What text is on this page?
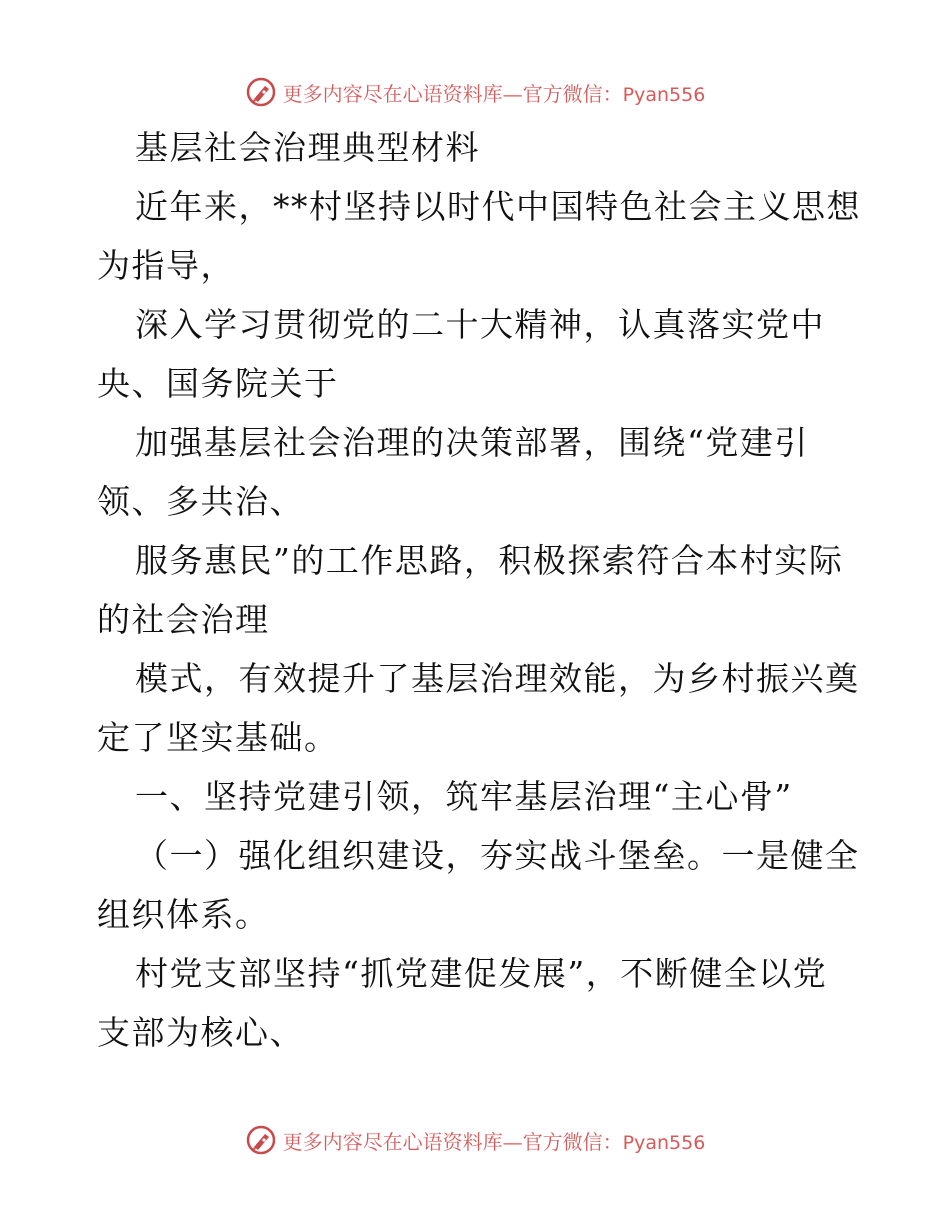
更多内容尽在心语资料库—官方微信：Pyan556
基层社会治理典型材料
近年来，**村坚持以时代中国特色社会主义思想
为指导，
深入学习贯彻党的二十大精神，认真落实党中
央、国务院关于
加强基层社会治理的决策部署，围绕“党建引
领、多共治、
服务惠民”的工作思路，积极探索符合本村实际
的社会治理
模式，有效提升了基层治理效能，为乡村振兴奠
定了坚实基础。
一、坚持党建引领，筑牢基层治理“主心骨”
（一）强化组织建设，夯实战斗堡垒。一是健全
组织体系。
村党支部坚持“抓党建促发展”，不断健全以党
支部为核心、
更多内容尽在心语资料库—官方微信：Pyan556
